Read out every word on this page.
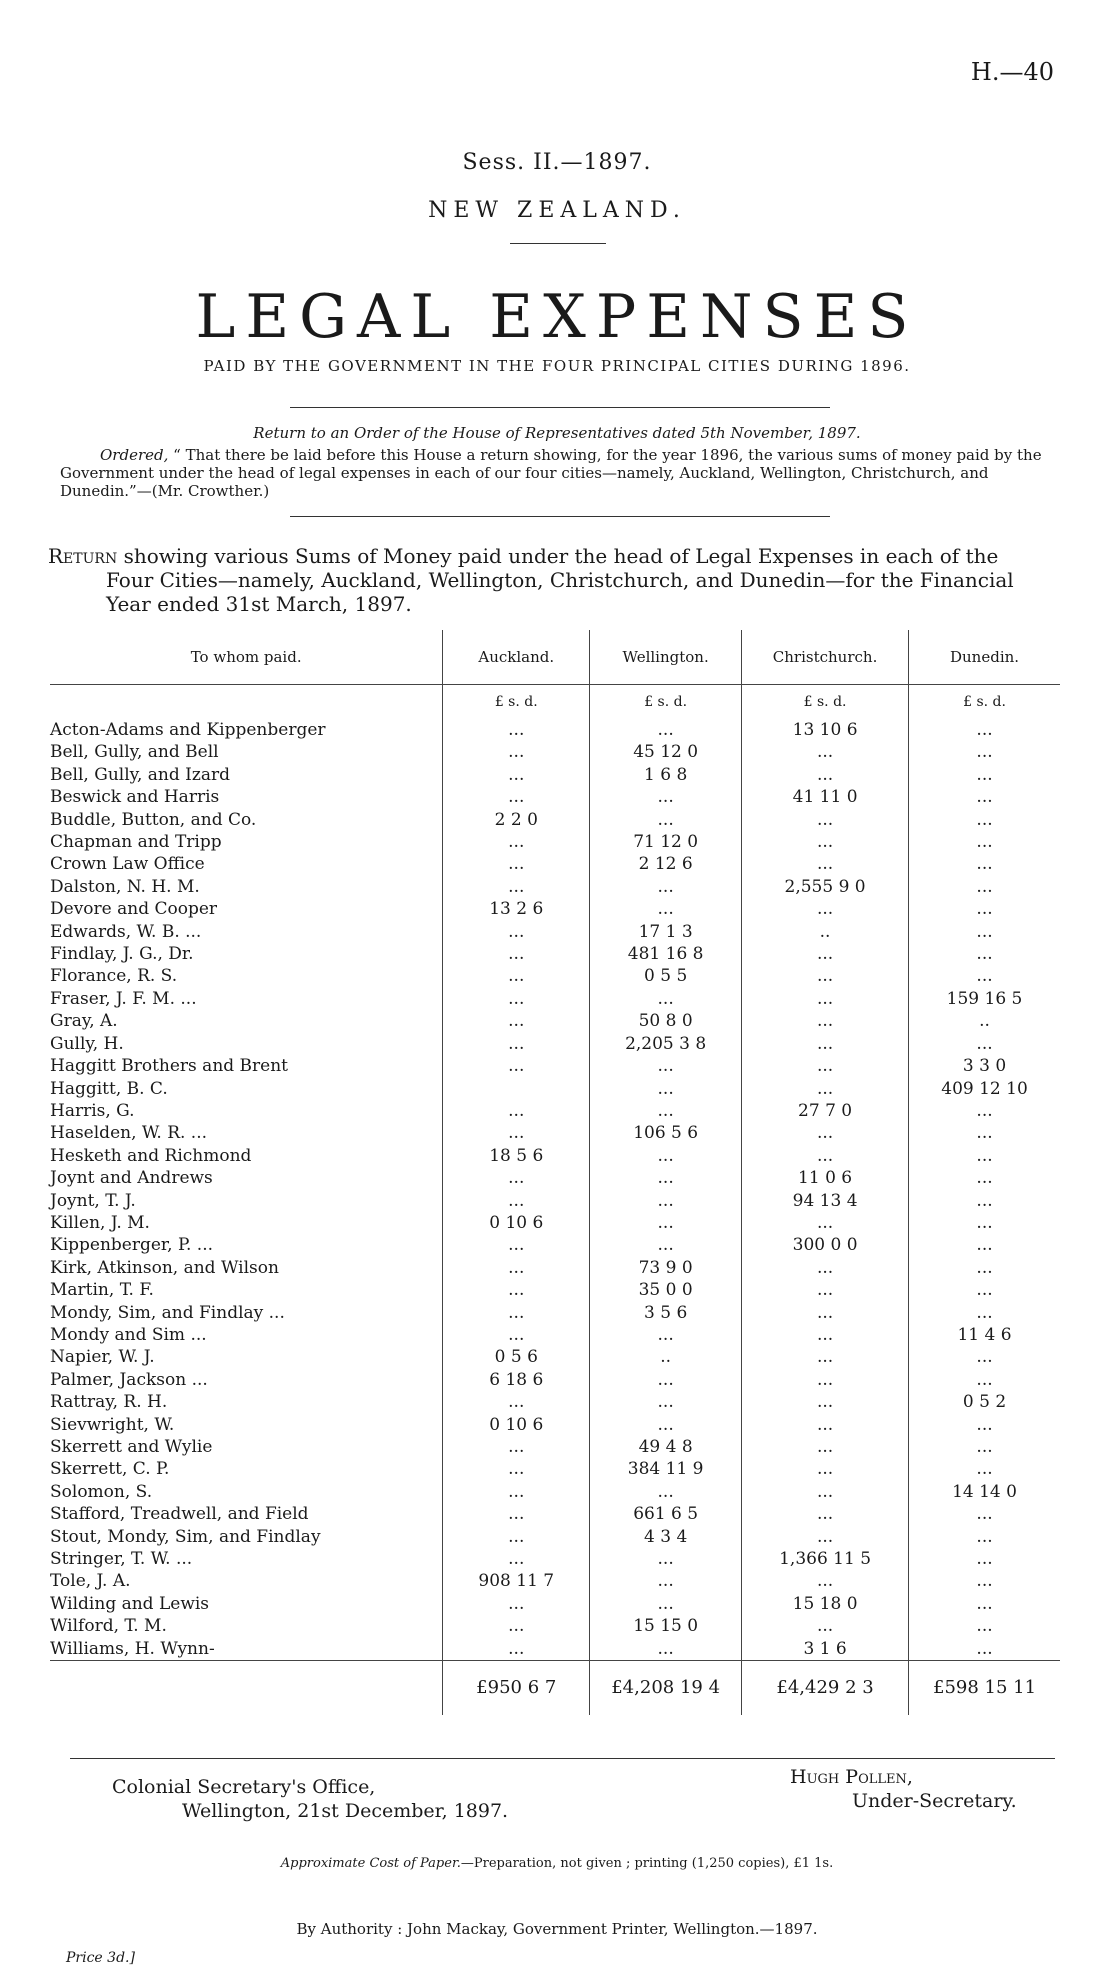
H.—40
Sess. II.—1897.
NEW ZEALAND.
LEGAL EXPENSES
PAID BY THE GOVERNMENT IN THE FOUR PRINCIPAL CITIES DURING 1896.
Return to an Order of the House of Representatives dated 5th November, 1897.
Ordered, “ That there be laid before this House a return showing, for the year 1896, the various sums of money paid by the Government under the head of legal expenses in each of our four cities—namely, Auckland, Wellington, Christchurch, and Dunedin.”—(Mr. Crowther.)
Return showing various Sums of Money paid under the head of Legal Expenses in each of the
Four Cities—namely, Auckland, Wellington, Christchurch, and Dunedin—for the Financial
Year ended 31st March, 1897.
To whom paid.	Auckland.	Wellington.	Christchurch.	Dunedin.
	£ s. d.	£ s. d.	£ s. d.	£ s. d.
Acton-Adams and Kippenberger	...	...	13 10 6	...
Bell, Gully, and Bell	...	45 12 0	...	...
Bell, Gully, and Izard	...	1 6 8	...	...
Beswick and Harris	...	...	41 11 0	...
Buddle, Button, and Co.	2 2 0	...	...	...
Chapman and Tripp	...	71 12 0	...	...
Crown Law Office	...	2 12 6	...	...
Dalston, N. H. M.	...	...	2,555 9 0	...
Devore and Cooper	13 2 6	...	...	...
Edwards, W. B. ...	...	17 1 3	..	...
Findlay, J. G., Dr.	...	481 16 8	...	...
Florance, R. S.	...	0 5 5	...	...
Fraser, J. F. M. ...	...	...	...	159 16 5
Gray, A.	...	50 8 0	...	..
Gully, H.	...	2,205 3 8	...	...
Haggitt Brothers and Brent	...	...	...	3 3 0
Haggitt, B. C.		...	...	409 12 10
Harris, G.	...	...	27 7 0	...
Haselden, W. R. ...	...	106 5 6	...	...
Hesketh and Richmond	18 5 6	...	...	...
Joynt and Andrews	...	...	11 0 6	...
Joynt, T. J.	...	...	94 13 4	...
Killen, J. M.	0 10 6	...	...	...
Kippenberger, P. ...	...	...	300 0 0	...
Kirk, Atkinson, and Wilson	...	73 9 0	...	...
Martin, T. F.	...	35 0 0	...	...
Mondy, Sim, and Findlay ...	...	3 5 6	...	...
Mondy and Sim ...	...	...	...	11 4 6
Napier, W. J.	0 5 6	..	...	...
Palmer, Jackson ...	6 18 6	...	...	...
Rattray, R. H.	...	...	...	0 5 2
Sievwright, W.	0 10 6	...	...	...
Skerrett and Wylie	...	49 4 8	...	...
Skerrett, C. P.	...	384 11 9	...	...
Solomon, S.	...	...	...	14 14 0
Stafford, Treadwell, and Field	...	661 6 5	...	...
Stout, Mondy, Sim, and Findlay	...	4 3 4	...	...
Stringer, T. W. ...	...	...	1,366 11 5	...
Tole, J. A.	908 11 7	...	...	...
Wilding and Lewis	...	...	15 18 0	...
Wilford, T. M.	...	15 15 0	...	...
Williams, H. Wynn-	...	...	3 1 6	...
	£950 6 7	£4,208 19 4	£4,429 2 3	£598 15 11
Colonial Secretary's Office,
Wellington, 21st December, 1897.
Hugh Pollen,
Under-Secretary.
Approximate Cost of Paper.—Preparation, not given ; printing (1,250 copies), £1 1s.
By Authority : John Mackay, Government Printer, Wellington.—1897.
Price 3d.]
